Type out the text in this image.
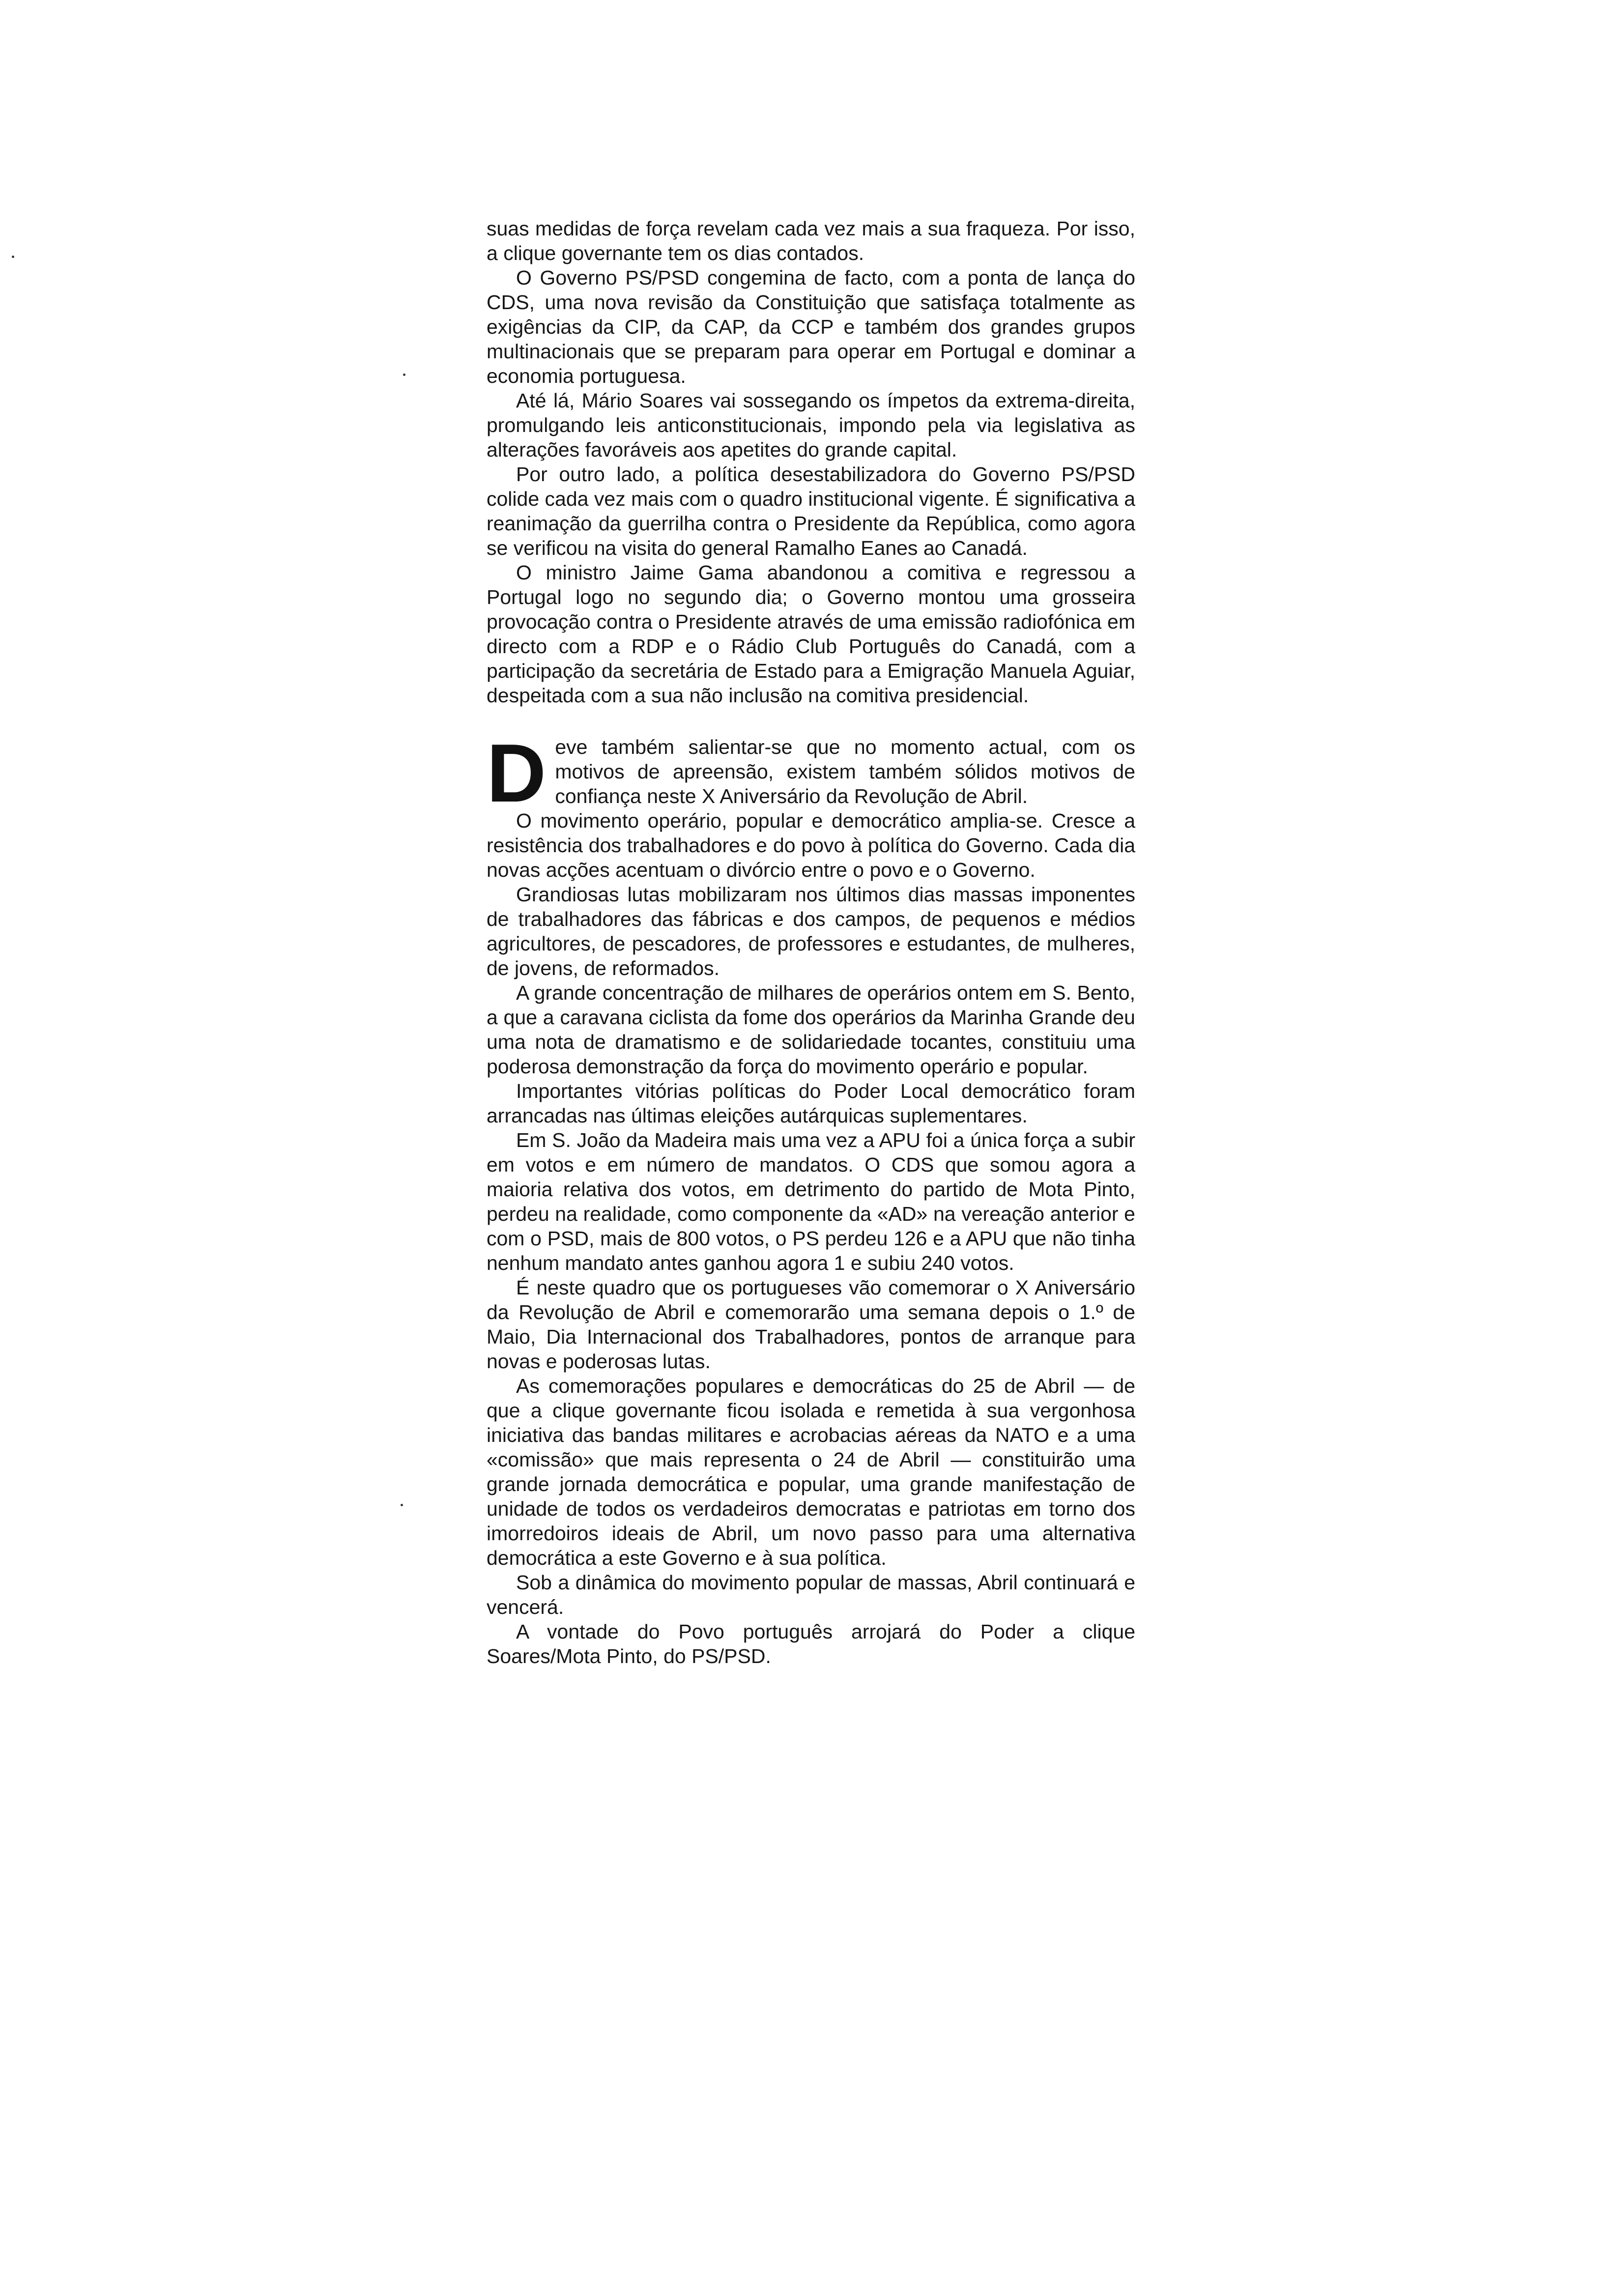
suas medidas de força revelam cada vez mais a sua fraqueza. Por isso, a clique governante tem os dias contados.

O Governo PS/PSD congemina de facto, com a ponta de lança do CDS, uma nova revisão da Constituição que satisfaça totalmente as exigências da CIP, da CAP, da CCP e também dos grandes grupos multinacionais que se preparam para operar em Portugal e dominar a economia portuguesa.

Até lá, Mário Soares vai sossegando os ímpetos da extrema-direita, promulgando leis anticonstitucionais, impondo pela via legislativa as alterações favoráveis aos apetites do grande capital.

Por outro lado, a política desestabilizadora do Governo PS/PSD colide cada vez mais com o quadro institucional vigente. É significativa a reanimação da guerrilha contra o Presidente da República, como agora se verificou na visita do general Ramalho Eanes ao Canadá.

O ministro Jaime Gama abandonou a comitiva e regressou a Portugal logo no segundo dia; o Governo montou uma grosseira provocação contra o Presidente através de uma emissão radiofónica em directo com a RDP e o Rádio Club Português do Canadá, com a participação da secretária de Estado para a Emigração Manuela Aguiar, despeitada com a sua não inclusão na comitiva presidencial.

D eve também salientar-se que no momento actual, com os motivos de apreensão, existem também sólidos motivos de confiança neste X Aniversário da Revolução de Abril.

O movimento operário, popular e democrático amplia-se. Cresce a resistência dos trabalhadores e do povo à política do Governo. Cada dia novas acções acentuam o divórcio entre o povo e o Governo.

Grandiosas lutas mobilizaram nos últimos dias massas imponentes de trabalhadores das fábricas e dos campos, de pequenos e médios agricultores, de pescadores, de professores e estudantes, de mulheres, de jovens, de reformados.

A grande concentração de milhares de operários ontem em S. Bento, a que a caravana ciclista da fome dos operários da Marinha Grande deu uma nota de dramatismo e de solidariedade tocantes, constituiu uma poderosa demonstração da força do movimento operário e popular.

Importantes vitórias políticas do Poder Local democrático foram arrancadas nas últimas eleições autárquicas suplementares.

Em S. João da Madeira mais uma vez a APU foi a única força a subir em votos e em número de mandatos. O CDS que somou agora a maioria relativa dos votos, em detrimento do partido de Mota Pinto, perdeu na realidade, como componente da «AD» na vereação anterior e com o PSD, mais de 800 votos, o PS perdeu 126 e a APU que não tinha nenhum mandato antes ganhou agora 1 e subiu 240 votos.

É neste quadro que os portugueses vão comemorar o X Aniversário da Revolução de Abril e comemorarão uma semana depois o 1.º de Maio, Dia Internacional dos Trabalhadores, pontos de arranque para novas e poderosas lutas.

As comemorações populares e democráticas do 25 de Abril — de que a clique governante ficou isolada e remetida à sua vergonhosa iniciativa das bandas militares e acrobacias aéreas da NATO e a uma «comissão» que mais representa o 24 de Abril — constituirão uma grande jornada democrática e popular, uma grande manifestação de unidade de todos os verdadeiros democratas e patriotas em torno dos imorredoiros ideais de Abril, um novo passo para uma alternativa democrática a este Governo e à sua política.

Sob a dinâmica do movimento popular de massas, Abril continuará e vencerá.

A vontade do Povo português arrojará do Poder a clique Soares/Mota Pinto, do PS/PSD.
